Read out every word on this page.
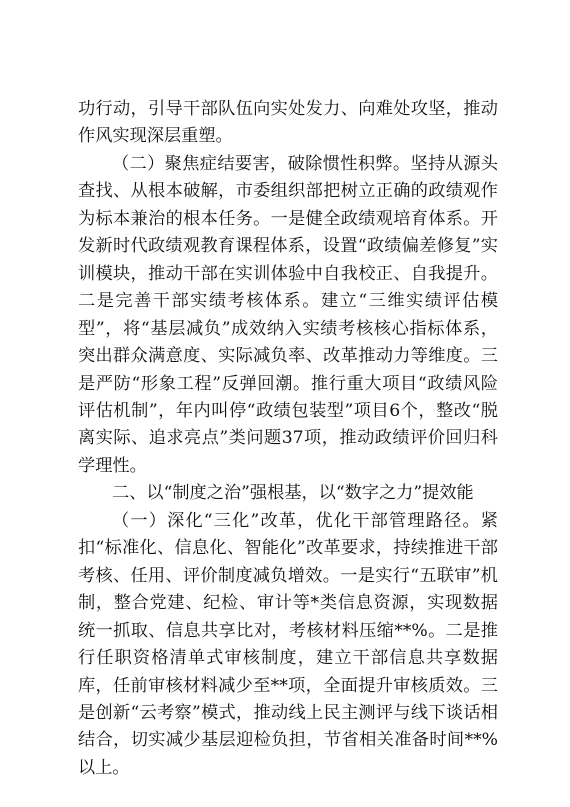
功行动，引导干部队伍向实处发力、向难处攻坚，推动作风实现深层重塑。

（二）聚焦症结要害，破除惯性积弊。坚持从源头查找、从根本破解，市委组织部把树立正确的政绩观作为标本兼治的根本任务。一是健全政绩观培育体系。开发新时代政绩观教育课程体系，设置“政绩偏差修复”实训模块，推动干部在实训体验中自我校正、自我提升。二是完善干部实绩考核体系。建立“三维实绩评估模型”，将“基层减负”成效纳入实绩考核核心指标体系，突出群众满意度、实际减负率、改革推动力等维度。三是严防“形象工程”反弹回潮。推行重大项目“政绩风险评估机制”，年内叫停“政绩包装型”项目6个，整改“脱离实际、追求亮点”类问题37项，推动政绩评价回归科学理性。

二、以“制度之治”强根基，以“数字之力”提效能

（一）深化“三化”改革，优化干部管理路径。紧扣“标准化、信息化、智能化”改革要求，持续推进干部考核、任用、评价制度减负增效。一是实行“五联审”机制，整合党建、纪检、审计等*类信息资源，实现数据统一抓取、信息共享比对，考核材料压缩**%。二是推行任职资格清单式审核制度，建立干部信息共享数据库，任前审核材料减少至**项，全面提升审核质效。三是创新“云考察”模式，推动线上民主测评与线下谈话相结合，切实减少基层迎检负担，节省相关准备时间**%以上。
